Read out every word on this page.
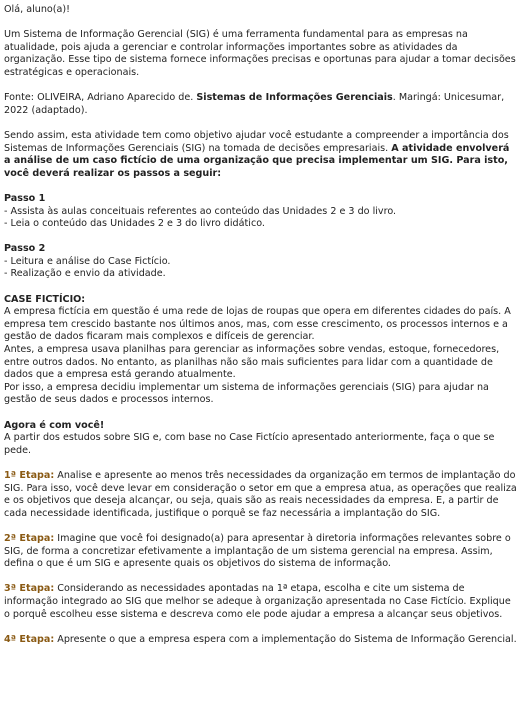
Olá, aluno(a)!

Um Sistema de Informação Gerencial (SIG) é uma ferramenta fundamental para as empresas na atualidade, pois ajuda a gerenciar e controlar informações importantes sobre as atividades da organização. Esse tipo de sistema fornece informações precisas e oportunas para ajudar a tomar decisões estratégicas e operacionais.

Fonte: OLIVEIRA, Adriano Aparecido de. Sistemas de Informações Gerenciais. Maringá: Unicesumar, 2022 (adaptado).

Sendo assim, esta atividade tem como objetivo ajudar você estudante a compreender a importância dos Sistemas de Informações Gerenciais (SIG) na tomada de decisões empresariais. A atividade envolverá a análise de um caso fictício de uma organização que precisa implementar um SIG. Para isto, você deverá realizar os passos a seguir:

Passo 1

- Assista às aulas conceituais referentes ao conteúdo das Unidades 2 e 3 do livro.

- Leia o conteúdo das Unidades 2 e 3 do livro didático.

Passo 2

- Leitura e análise do Case Fictício.

- Realização e envio da atividade.

CASE FICTÍCIO:

A empresa fictícia em questão é uma rede de lojas de roupas que opera em diferentes cidades do país. A empresa tem crescido bastante nos últimos anos, mas, com esse crescimento, os processos internos e a gestão de dados ficaram mais complexos e difíceis de gerenciar.

Antes, a empresa usava planilhas para gerenciar as informações sobre vendas, estoque, fornecedores, entre outros dados. No entanto, as planilhas não são mais suficientes para lidar com a quantidade de dados que a empresa está gerando atualmente.

Por isso, a empresa decidiu implementar um sistema de informações gerenciais (SIG) para ajudar na gestão de seus dados e processos internos.

Agora é com você!

A partir dos estudos sobre SIG e, com base no Case Fictício apresentado anteriormente, faça o que se pede.

1ª Etapa: Analise e apresente ao menos três necessidades da organização em termos de implantação do SIG. Para isso, você deve levar em consideração o setor em que a empresa atua, as operações que realiza e os objetivos que deseja alcançar, ou seja, quais são as reais necessidades da empresa. E, a partir de cada necessidade identificada, justifique o porquê se faz necessária a implantação do SIG.

2ª Etapa: Imagine que você foi designado(a) para apresentar à diretoria informações relevantes sobre o SIG, de forma a concretizar efetivamente a implantação de um sistema gerencial na empresa. Assim, defina o que é um SIG e apresente quais os objetivos do sistema de informação.

3ª Etapa: Considerando as necessidades apontadas na 1ª etapa, escolha e cite um sistema de informação integrado ao SIG que melhor se adeque à organização apresentada no Case Fictício. Explique o porquê escolheu esse sistema e descreva como ele pode ajudar a empresa a alcançar seus objetivos.

4ª Etapa: Apresente o que a empresa espera com a implementação do Sistema de Informação Gerencial.
